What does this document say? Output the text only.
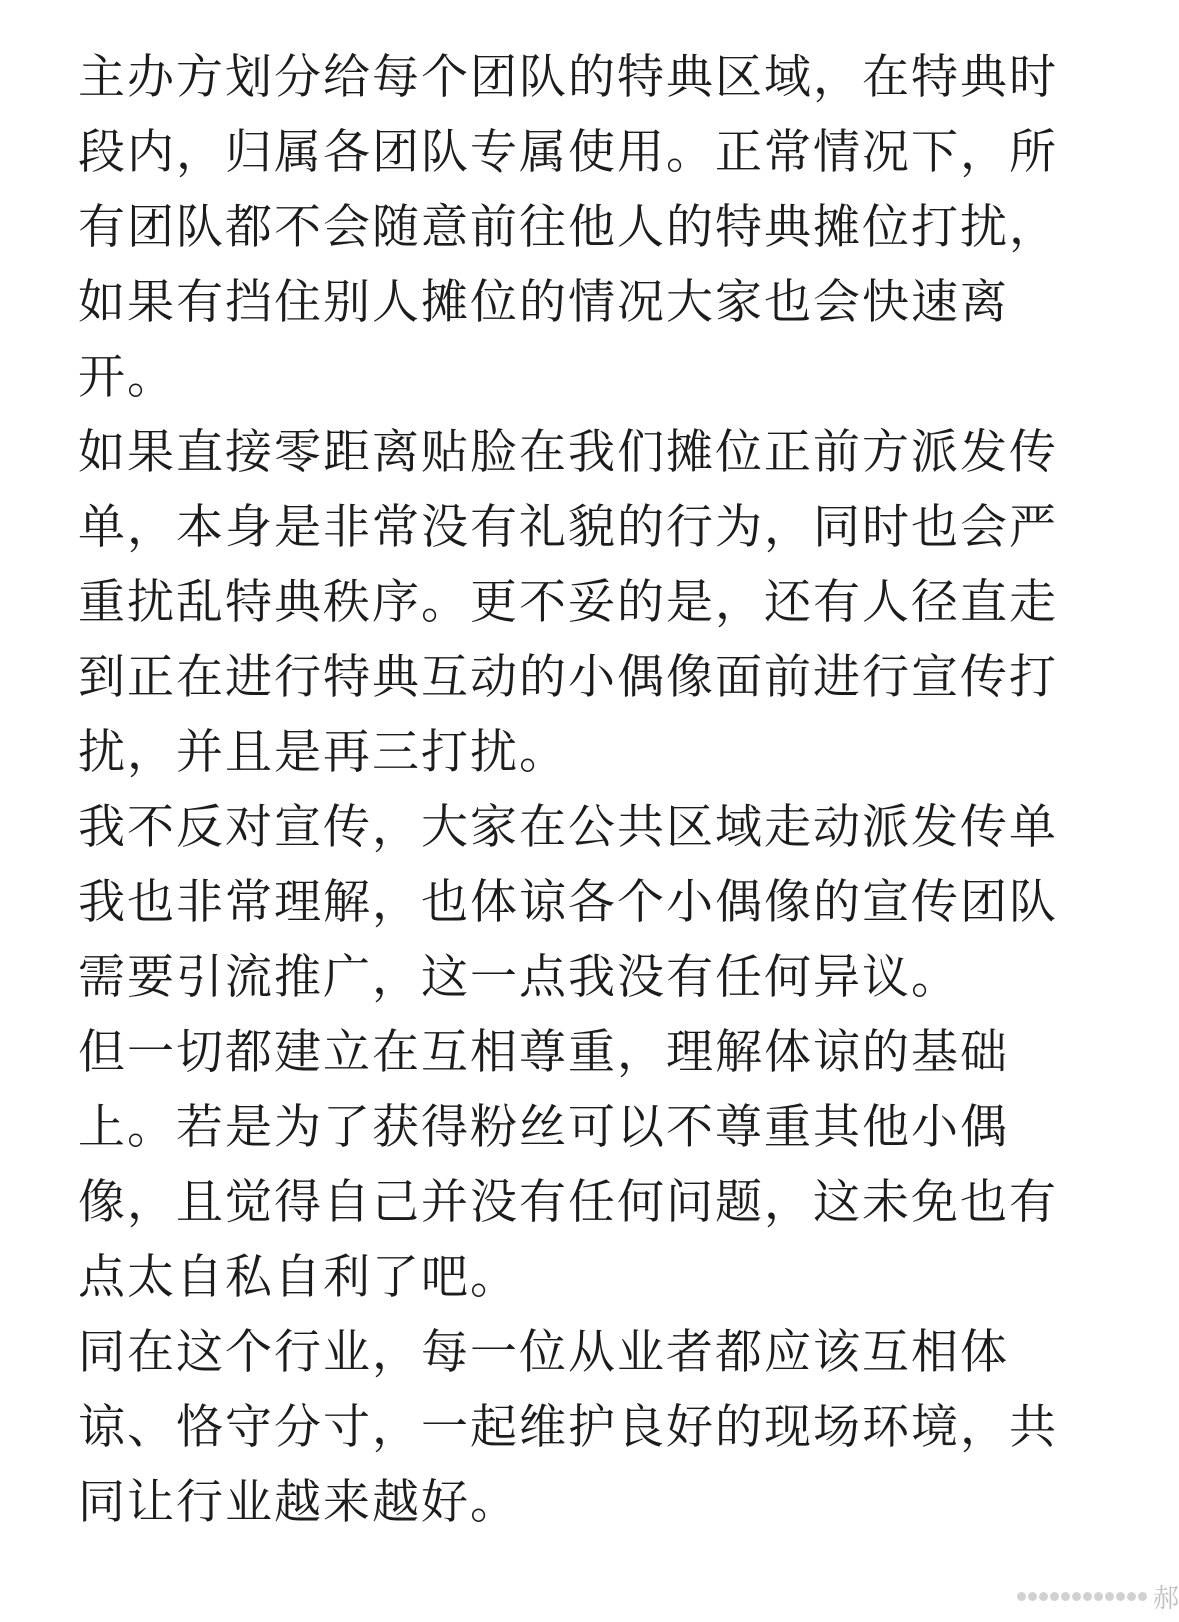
主办方划分给每个团队的特典区域，在特典时
段内，归属各团队专属使用。正常情况下，所
有团队都不会随意前往他人的特典摊位打扰，
如果有挡住别人摊位的情况大家也会快速离
开。
如果直接零距离贴脸在我们摊位正前方派发传
单，本身是非常没有礼貌的行为，同时也会严
重扰乱特典秩序。更不妥的是，还有人径直走
到正在进行特典互动的小偶像面前进行宣传打
扰，并且是再三打扰。
我不反对宣传，大家在公共区域走动派发传单
我也非常理解，也体谅各个小偶像的宣传团队
需要引流推广，这一点我没有任何异议。
但一切都建立在互相尊重，理解体谅的基础
上。若是为了获得粉丝可以不尊重其他小偶
像，且觉得自己并没有任何问题，这未免也有
点太自私自利了吧。
同在这个行业，每一位从业者都应该互相体
谅、恪守分寸，一起维护良好的现场环境，共
同让行业越来越好。
郝
